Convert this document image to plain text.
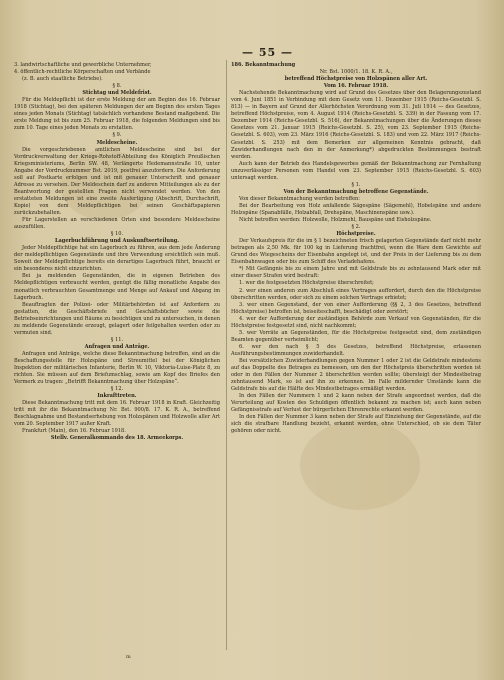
— 55 —

3. landwirtschaftliche und gewerbliche Unternehmer,

4. öffentlich-rechtliche Körperschaften und Verbände

(z. B. auch staatliche Betriebe).

§ 8.

Stichtag und Meldefrist.

Für die Meldepflicht ist der erste Meldung der am Beginn des 16. Februar 1918 (Stichtag), bei den späteren Meldungen der am Beginn des ersten Tages eines jeden Monats (Stichtag) tatsächlich vorhandene Bestand maßgebend. Die erste Meldung ist bis zum 25. Februar 1918, die folgenden Meldungen sind bis zum 10. Tage eines jeden Monats zu erstatten.

§ 9.

Meldescheine.

Die vorgeschriebenen amtlichen Meldescheine sind bei der Vordruckverwaltung der Kriegs-Rohstoff-Abteilung des Königlich Preußischen Kriegsministeriums, Berlin SW. 48, Verlängerte Hedemannstraße 10, unter Angabe der Vordrucknummer Bst. 2019, postfrei anzufordern. Die Anforderung soll auf Postkarte erfolgen und ist mit genauer Unterschrift und genauer Adresse zu versehen. Der Meldeschein darf zu anderen Mitteilungen als zu der Beantwortung der gestellten Fragen nicht verwendet werden. Von den erstatteten Meldungen ist eine zweite Ausfertigung (Abschrift, Durchschrift, Kopie) von dem Meldepflichtigen bei seinen Geschäftspapieren zurückzubehalten.

Für Lagerstellen an verschiedenen Orten sind besondere Meldescheine auszufüllen.

§ 10.

Lagerbuchführung und Auskunftserteilung.

Jeder Meldepflichtige hat ein Lagerbuch zu führen, aus dem jede Änderung der meldepflichtigen Gegenstände und ihre Verwendung ersichtlich sein muß. Soweit der Meldepflichtige bereits ein derartiges Lagerbuch führt, braucht er ein besonderes nicht einzurichten.

Bei ja meldenden Gegenständen, die in eigenen Betrieben des Meldepflichtigen verbraucht werden, genügt die fällig monatliche Angabe des monatlich verbrauchten Gesamtmenge und Menge auf Ankauf und Abgang im Lagerbuch.

Beauftragten der Polizei- oder Militärbehörden ist auf Anfordern zu gestatten, die Geschäftsbriefe und Geschäftsbücher sowie die Betriebseinrichtungen und Räume zu besichtigen und zu untersuchen, in denen zu meldende Gegenstände erzeugt, gelagert oder feilgehalten werden oder zu vermuten sind.

§ 11.

Anfragen und Anträge.

Anfragen und Anträge, welche diese Bekanntmachung betreffen, sind an die Beschaffungsstelle für Holzspäne und Streumittel bei der Königlichen Inspektion der militärischen Infanterie, Berlin W. 10, Viktoria-Luise-Platz 8, zu richten. Sie müssen auf dem Briefumschlag, sowie am Kopf des Briefes den Vermerk zu tragen: „Betrifft Bekanntmachung über Holzspäne“.

§ 12.

Inkrafttreten.

Diese Bekanntmachung tritt mit dem 16. Februar 1918 in Kraft. Gleichzeitig tritt mit ihr die Bekanntmachung Nr. Bst. 900/8. 17. K. R. A., betreffend Beschlagnahme und Bestandserhebung von Holzspänen und Holzwolle aller Art vom 20. September 1917 außer Kraft.

Frankfurt (Main), den 16. Februar 1918.

Stellv. Generalkommando des 18. Armeekorps.

186. Bekanntmachung

Nr. Bst. 1000/1. 18. K. R. A.,

betreffend Höchstpreise von Holzspänen aller Art.

Vom 16. Februar 1918.

Nachstehende Bekanntmachung wird auf Grund des Gesetzes über den Belagerungszustand vom 4. Juni 1851 in Verbindung mit dem Gesetz vom 11. Dezember 1915 (Reichs-Gesetzbl. S. 813) — in Bayern auf Grund der Allerhöchsten Verordnung vom 31. Juli 1914 — des Gesetzes, betreffend Höchstpreise, vom 4. August 1914 (Reichs-Gesetzbl. S. 339) in der Fassung vom 17. Dezember 1914 (Reichs-Gesetzbl. S. 516), der Bekanntmachungen über die Änderungen dieses Gesetzes vom 21. Januar 1915 (Reichs-Gesetzbl. S. 25), vom 23. September 1915 (Reichs-Gesetzbl. S. 603), vom 23. März 1916 (Reichs-Gesetzbl. S. 183) und vom 22. März 1917 (Reichs-Gesetzbl. S. 253) mit dem Bemerken zur allgemeinen Kenntnis gebracht, daß Zuwiderhandlungen nach den in der Anmerkung*) abgedruckten Bestimmungen bestraft werden.

Auch kann der Betrieb des Handelsgewerbes gemäß der Bekanntmachung zur Fernhaltung unzuverlässiger Personen vom Handel vom 23. September 1915 (Reichs-Gesetzbl. S. 603) untersagt werden.

§ 1.

Von der Bekanntmachung betroffene Gegenstände.

Von dieser Bekanntmachung werden betroffen:

Bei der Bearbeitung von Holz anfallende Sägespäne (Sägemehl), Hobelspäne und andere Holzspäne (Spanabfälle, Holzabfall, Drehspäne, Maschinenspäne usw.).

Nicht betroffen werden: Holzwolle, Holzmehl, Bauspäne und Eisholzspäne.

§ 2.

Höchstpreise.

Der Verkaufspreis für die im § 1 bezeichneten frisch gelagerten Gegenstände darf nicht mehr betragen als 2,50 Mk. für 100 kg in Lieferung frachtfrei, wenn die Ware dem Gewichte auf Grund des Wiegescheins der Eisenbahn angelegt ist, und der Preis in der Lieferung bis zu dem Eisenbahnwagen oder bis zum Schiff des Verladehafens.

*) Mit Gefängnis bis zu einem Jahre und mit Geldstrafe bis zu zehntausend Mark oder mit einer dieser Strafen wird bestraft:

1. wer die festgesetzten Höchstpreise überschreitet;

2. wer einen anderen zum Abschluß eines Vertrages auffordert, durch den die Höchstpreise überschritten werden, oder sich zu einem solchen Vertrage erbietet;

3. wer einen Gegenstand, der von einer Aufforderung (§§ 2, 3 des Gesetzes, betreffend Höchstpreise) betroffen ist, beiseiteschafft, beschädigt oder zerstört;

4. wer der Aufforderung der zuständigen Behörde zum Verkauf von Gegenständen, für die Höchstpreise festgesetzt sind, nicht nachkommt;

5. wer Vorräte an Gegenständen, für die Höchstpreise festgesetzt sind, dem zuständigen Beamten gegenüber verheimlicht;

6. wer den nach § 5 des Gesetzes, betreffend Höchstpreise, erlassenen Ausführungsbestimmungen zuwiderhandelt.

Bei vorsätzlichen Zuwiderhandlungen gegen Nummer 1 oder 2 ist die Geldstrafe mindestens auf das Doppelte des Betrages zu bemessen, um den der Höchstpreis überschritten worden ist oder in den Fällen der Nummer 2 überschritten werden sollte; übersteigt der Mindestbetrag zehntausend Mark, so ist auf ihn zu erkennen. Im Falle mildernder Umstände kann die Geldstrafe bis auf die Hälfte des Mindestbetrages ermäßigt werden.

In den Fällen der Nummern 1 und 2 kann neben der Strafe angeordnet werden, daß die Verurteilung auf Kosten des Schuldigen öffentlich bekannt zu machen ist; auch kann neben Gefängnisstrafe auf Verlust der bürgerlichen Ehrenrechte erkannt werden.

In den Fällen der Nummer 3 kann neben der Strafe auf Einziehung der Gegenstände, auf die sich die strafbare Handlung bezieht, erkannt werden, ohne Unterschied, ob sie dem Täter gehören oder nicht.

m
